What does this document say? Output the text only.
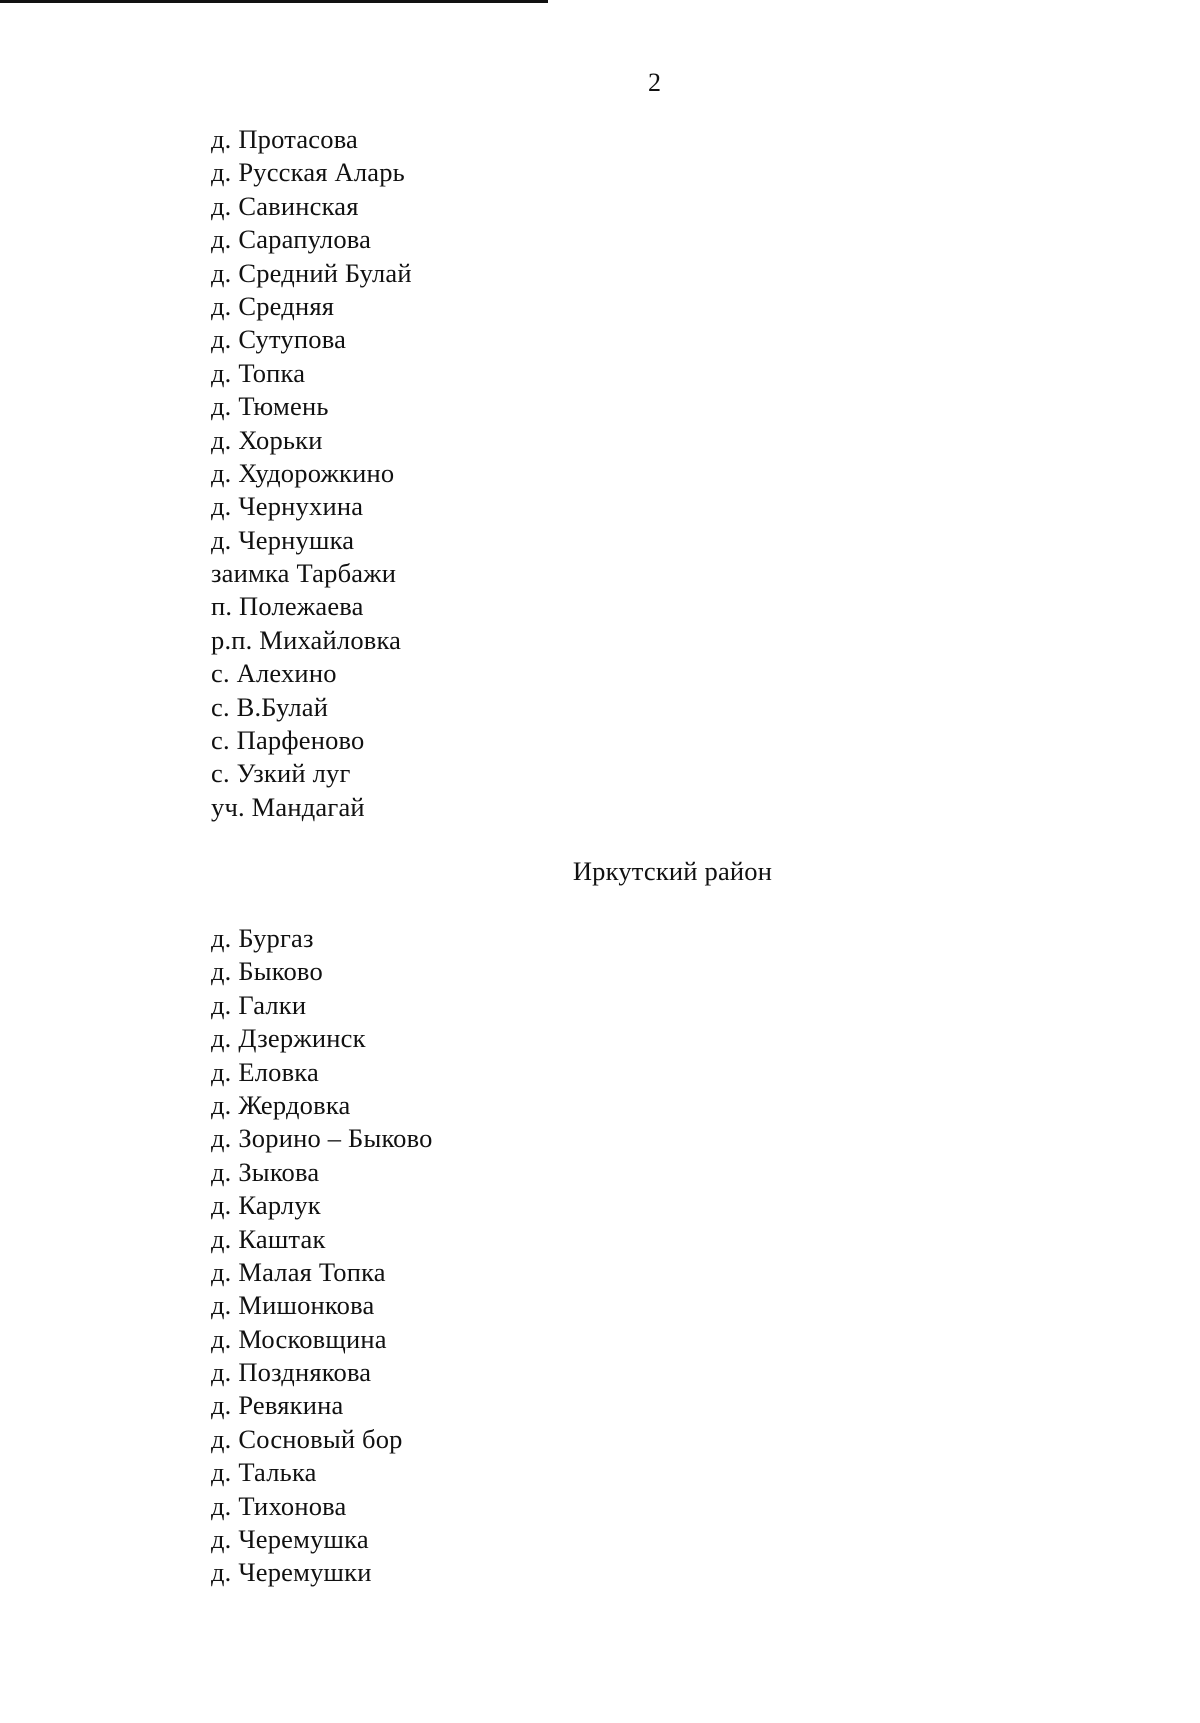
2
д. Протасова
д. Русская Аларь
д. Савинская
д. Сарапулова
д. Средний Булай
д. Средняя
д. Сутупова
д. Топка
д. Тюмень
д. Хорьки
д. Худорожкино
д. Чернухина
д. Чернушка
заимка Тарбажи
п. Полежаева
р.п. Михайловка
с. Алехино
с. В.Булай
с. Парфеново
с. Узкий луг
уч. Мандагай
Иркутский район
д. Бургаз
д. Быково
д. Галки
д. Дзержинск
д. Еловка
д. Жердовка
д. Зорино – Быково
д. Зыкова
д. Карлук
д. Каштак
д. Малая Топка
д. Мишонкова
д. Московщина
д. Позднякова
д. Ревякина
д. Сосновый бор
д. Талька
д. Тихонова
д. Черемушка
д. Черемушки
